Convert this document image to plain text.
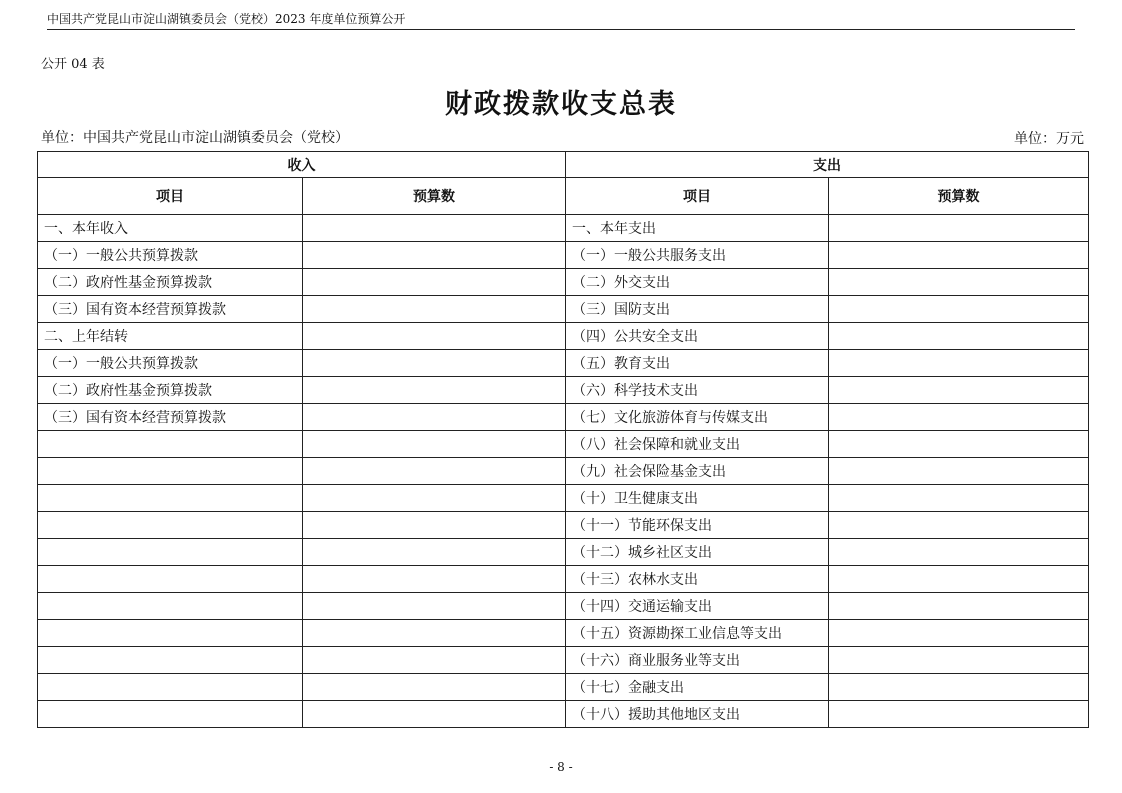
中国共产党昆山市淀山湖镇委员会（党校）2023 年度单位预算公开
公开 04 表
财政拨款收支总表
单位：中国共产党昆山市淀山湖镇委员会（党校）	单位：万元
收入		支出	
项目	预算数	项目	预算数
一、本年收入		一、本年支出	
（一）一般公共预算拨款		（一）一般公共服务支出	
（二）政府性基金预算拨款		（二）外交支出	
（三）国有资本经营预算拨款		（三）国防支出	
二、上年结转		（四）公共安全支出	
（一）一般公共预算拨款		（五）教育支出	
（二）政府性基金预算拨款		（六）科学技术支出	
（三）国有资本经营预算拨款		（七）文化旅游体育与传媒支出	
		（八）社会保障和就业支出	
		（九）社会保险基金支出	
		（十）卫生健康支出	
		（十一）节能环保支出	
		（十二）城乡社区支出	
		（十三）农林水支出	
		（十四）交通运输支出	
		（十五）资源勘探工业信息等支出	
		（十六）商业服务业等支出	
		（十七）金融支出	
		（十八）援助其他地区支出	
- 8 -
